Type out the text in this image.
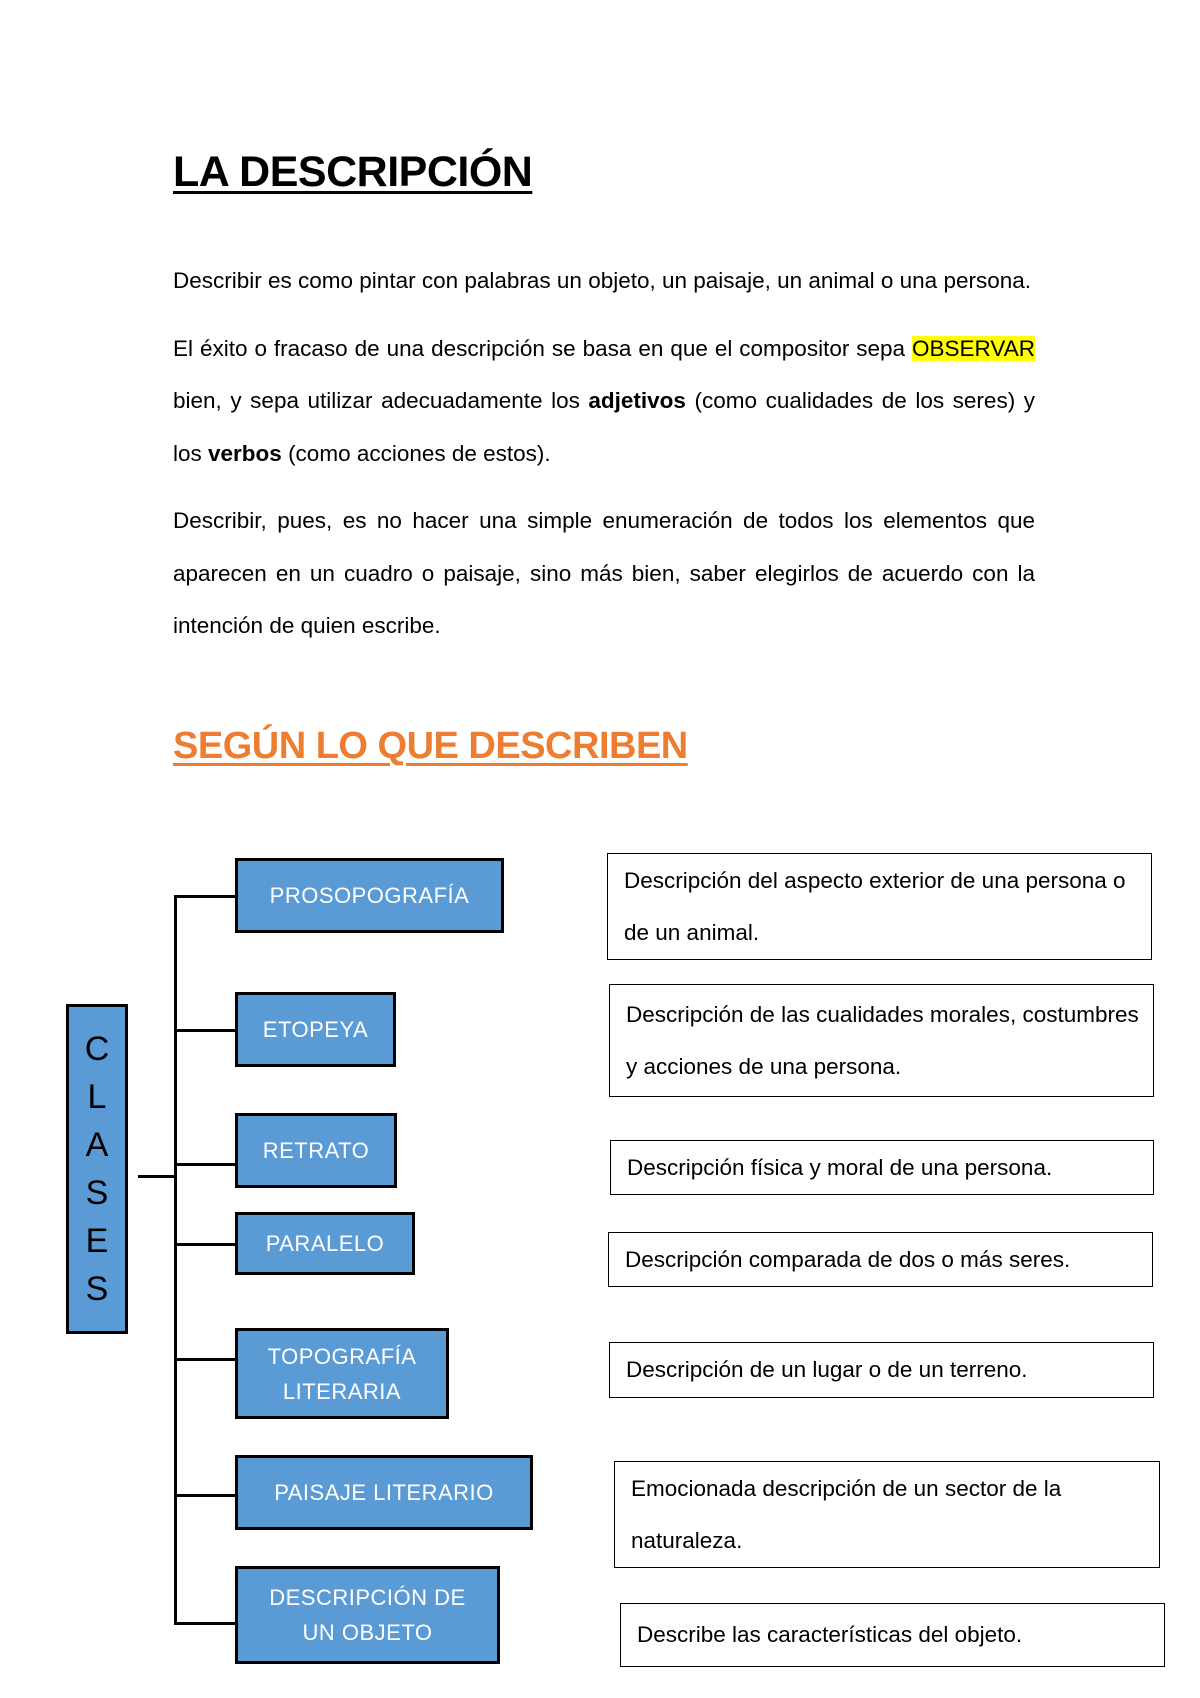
LA DESCRIPCIÓN

Describir es como pintar con palabras un objeto, un paisaje, un animal o una persona.

El éxito o fracaso de una descripción se basa en que el compositor sepa OBSERVAR bien, y sepa utilizar adecuadamente los adjetivos (como cualidades de los seres) y los verbos (como acciones de estos).

Describir, pues, es no hacer una simple enumeración de todos los elementos que aparecen en un cuadro o paisaje, sino más bien, saber elegirlos de acuerdo con la intención de quien escribe.

SEGÚN LO QUE DESCRIBEN
C
L
A
S
E
S
PROSOPOGRAFÍA
ETOPEYA
RETRATO
PARALELO
TOPOGRAFÍA LITERARIA
PAISAJE LITERARIO
DESCRIPCIÓN DE UN OBJETO
Descripción del aspecto exterior de una persona o de un animal.
Descripción de las cualidades morales, costumbres y acciones de una persona.
Descripción física y moral de una persona.
Descripción comparada de dos o más seres.
Descripción de un lugar o de un terreno.
Emocionada descripción de un sector de la naturaleza.
Describe las características del objeto.
